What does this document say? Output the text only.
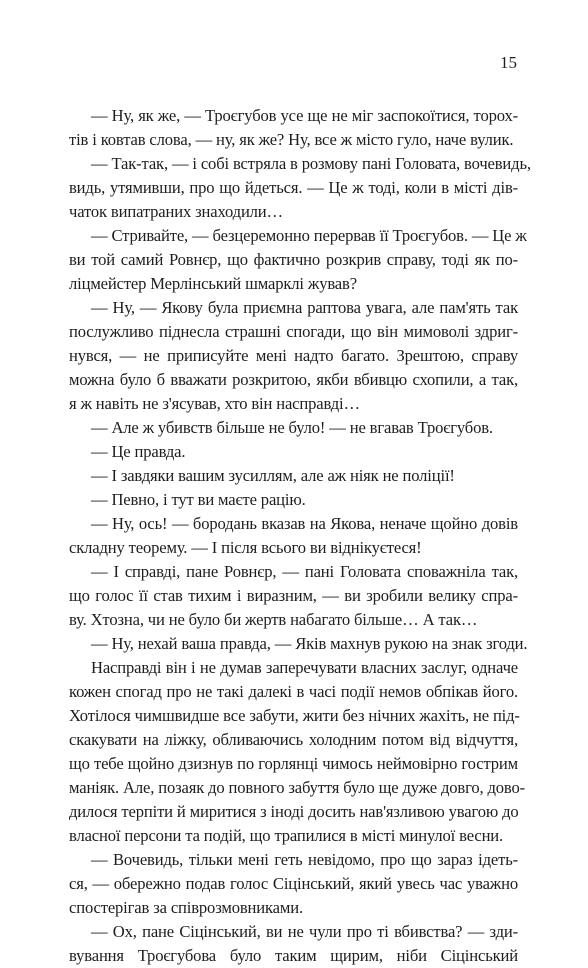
15
— Ну, як же, — Троєгубов усе ще не міг заспокоїтися, торох-
тів і ковтав слова, — ну, як же? Ну, все ж місто гуло, наче вулик.
— Так-так, — і собі встряла в розмову пані Головата, вочевидь,
видь, утямивши, про що йдеться. — Це ж тоді, коли в місті дів-
чаток випатраних знаходили…
— Стривайте, — безцеремонно перервав її Троєгубов. — Це ж
ви той самий Ровнєр, що фактично розкрив справу, тоді як по-
ліцмейстер Мерлінський шмарклі жував?
— Ну, — Якову була приємна раптова увага, але пам'ять так
послужливо піднесла страшні спогади, що він мимоволі здриг-
нувся, — не приписуйте мені надто багато. Зрештою, справу
можна було б вважати розкритою, якби вбивцю схопили, а так,
я ж навіть не з'ясував, хто він насправді…
— Але ж убивств більше не було! — не вгавав Троєгубов.
— Це правда.
— І завдяки вашим зусиллям, але аж ніяк не поліції!
— Певно, і тут ви маєте рацію.
— Ну, ось! — бородань вказав на Якова, неначе щойно довів
складну теорему. — І після всього ви віднікуєтеся!
— І справді, пане Ровнєр, — пані Головата споважніла так,
що голос її став тихим і виразним, — ви зробили велику спра-
ву. Хтозна, чи не було би жертв набагато більше… А так…
— Ну, нехай ваша правда, — Яків махнув рукою на знак згоди.
Насправді він і не думав заперечувати власних заслуг, одначе
кожен спогад про не такі далекі в часі події немов обпікав його.
Хотілося чимшвидше все забути, жити без нічних жахіть, не під-
скакувати на ліжку, обливаючись холодним потом від відчуття,
що тебе щойно дзизнув по горлянці чимось неймовірно гострим
маніяк. Але, позаяк до повного забуття було ще дуже довго, дово-
дилося терпіти й миритися з іноді досить нав'язливою увагою до
власної персони та подій, що трапилися в місті минулої весни.
— Вочевидь, тільки мені геть невідомо, про що зараз ідеть-
ся, — обережно подав голос Сіцінський, який увесь час уважно
спостерігав за співрозмовниками.
— Ох, пане Сіцінський, ви не чули про ті вбивства? — зди-
вування Троєгубова було таким щирим, ніби Сіцінський
